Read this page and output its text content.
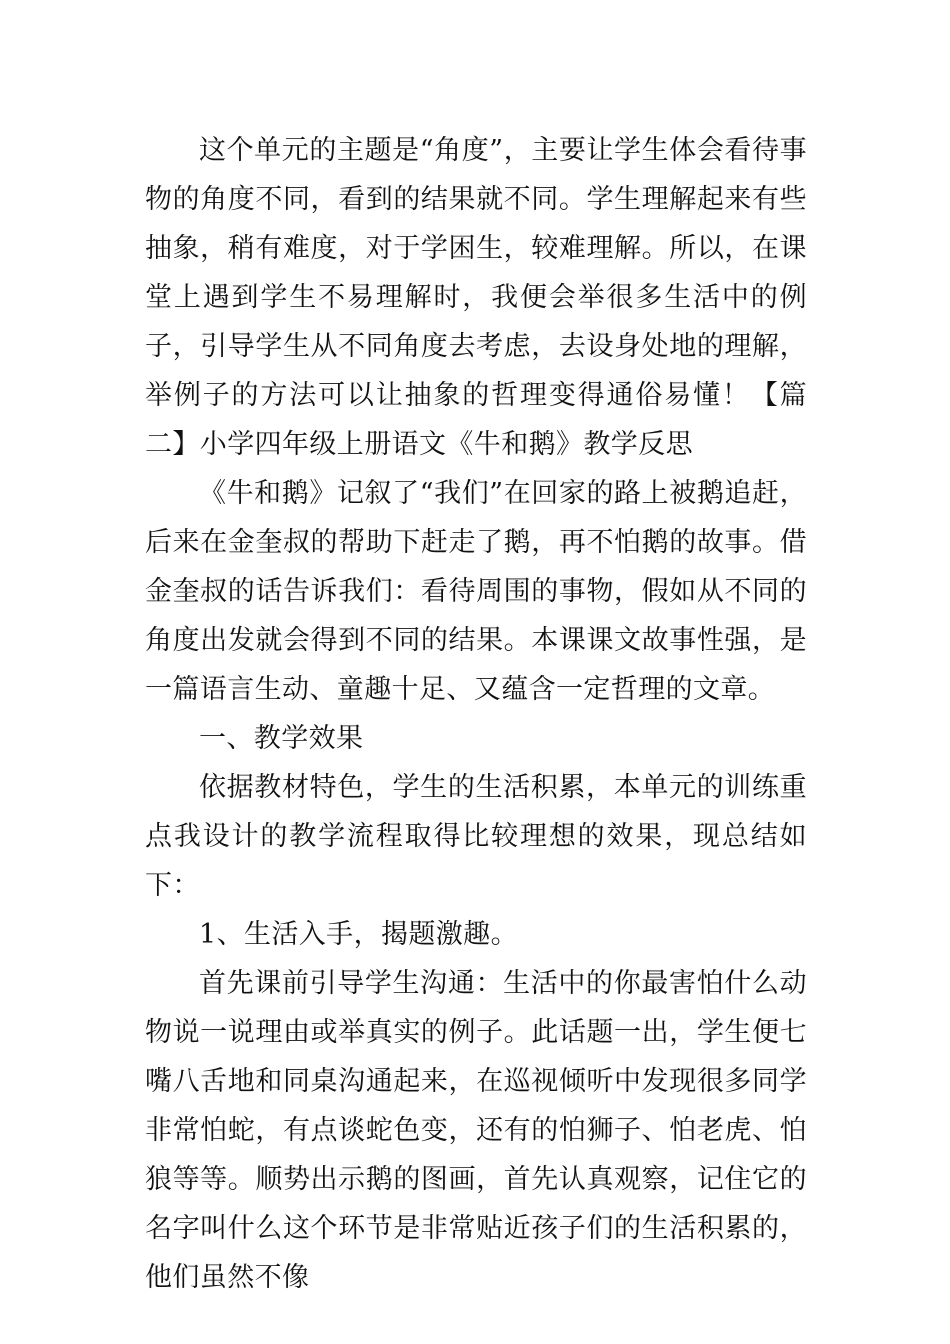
这个单元的主题是“角度”，主要让学生体会看待事物的角度不同，看到的结果就不同。学生理解起来有些抽象，稍有难度，对于学困生，较难理解。所以，在课堂上遇到学生不易理解时，我便会举很多生活中的例子，引导学生从不同角度去考虑，去设身处地的理解，举例子的方法可以让抽象的哲理变得通俗易懂！【篇二】小学四年级上册语文《牛和鹅》教学反思

《牛和鹅》记叙了“我们”在回家的路上被鹅追赶，后来在金奎叔的帮助下赶走了鹅，再不怕鹅的故事。借金奎叔的话告诉我们：看待周围的事物，假如从不同的角度出发就会得到不同的结果。本课课文故事性强，是一篇语言生动、童趣十足、又蕴含一定哲理的文章。

一、教学效果

依据教材特色，学生的生活积累，本单元的训练重点我设计的教学流程取得比较理想的效果，现总结如下：

1、生活入手，揭题激趣。

首先课前引导学生沟通：生活中的你最害怕什么动物说一说理由或举真实的例子。此话题一出，学生便七嘴八舌地和同桌沟通起来，在巡视倾听中发现很多同学非常怕蛇，有点谈蛇色变，还有的怕狮子、怕老虎、怕狼等等。顺势出示鹅的图画，首先认真观察，记住它的名字叫什么这个环节是非常贴近孩子们的生活积累的，他们虽然不像
